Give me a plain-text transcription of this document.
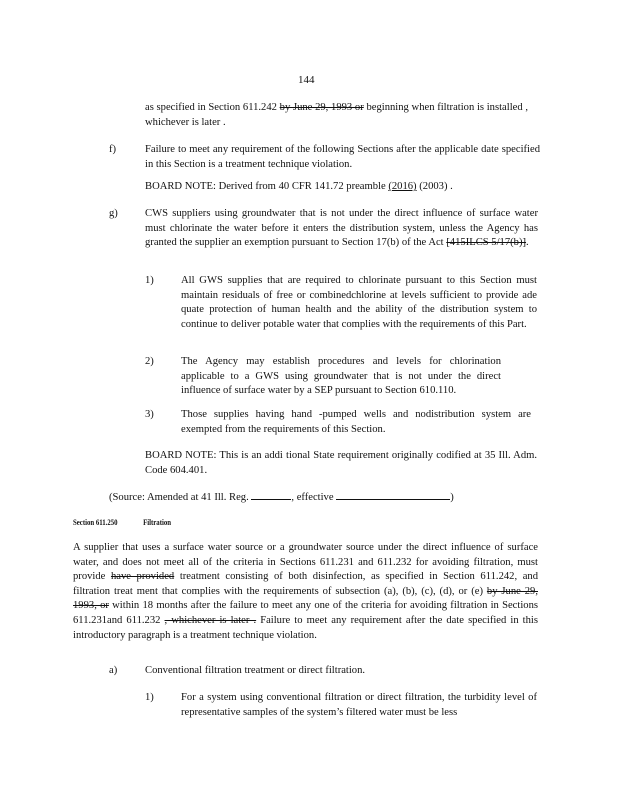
144
as specified in Section 611.242 by June 29, 1993 or beginning when filtration is installed , whichever is later .
f)	Failure to meet any requirement of the following Sections after the applicable date specified in this Section is a treatment technique violation.
BOARD NOTE: Derived from 40 CFR 141.72 preamble (2016) (2003) .
g)	CWS suppliers using groundwater that is not under the direct influence of surface water must chlorinate the water before it enters the distribution system, unless the Agency has granted the supplier an exemption pursuant to Section 17(b) of the Act [415ILCS 5/17(b)].
1)	All GWS supplies that are required to chlorinate pursuant to this Section must maintain residuals of free or combinedchlorine at levels sufficient to provide ade quate protection of human health and the ability of the distribution system to continue to deliver potable water that complies with the requirements of this Part.
2)	The Agency may establish procedures and levels for chlorination applicable to a GWS using groundwater that is not under the direct influence of surface water by a SEP pursuant to Section 610.110.
3)	Those supplies having hand -pumped wells and nodistribution system are exempted from the requirements of this Section.
BOARD NOTE: This is an addi tional State requirement originally codified at 35 Ill. Adm. Code 604.401.
(Source: Amended at 41 Ill. Reg.	, effective	)
Section 611.250	Filtration
A supplier that uses a surface water source or a groundwater source under the direct influence of surface water, and does not meet all of the criteria in Sections 611.231 and 611.232 for avoiding filtration, must provide have provided treatment consisting of both disinfection, as specified in Section 611.242, and filtration treat ment that complies with the requirements of subsection (a), (b), (c), (d), or (e) by June 29, 1993, or within 18 months after the failure to meet any one of the criteria for avoiding filtration in Sections 611.231and 611.232 , whichever is later . Failure to meet any requirement after the date specified in this introductory paragraph is a treatment technique violation.
a)	Conventional filtration treatment or direct filtration.
1)	For a system using conventional filtration or direct filtration, the turbidity level of representative samples of the system’s filtered water must be less
